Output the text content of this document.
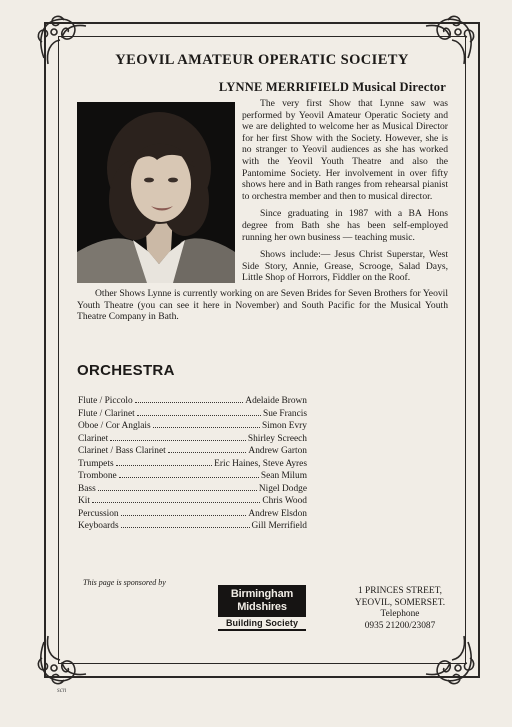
YEOVIL AMATEUR OPERATIC SOCIETY
LYNNE MERRIFIELD Musical Director

The very first Show that Lynne saw was performed by Yeovil Amateur Operatic Society and we are delighted to welcome her as Musical Director for her first Show with the Society. However, she is no stranger to Yeovil audiences as she has worked with the Yeovil Youth Theatre and also the Pantomime Society. Her involvement in over fifty shows here and in Bath ranges from rehearsal pianist to orchestra member and then to musical director.

Since graduating in 1987 with a BA Hons degree from Bath she has been self-employed running her own business — teaching music.

Shows include:— Jesus Christ Superstar, West Side Story, Annie, Grease, Scrooge, Salad Days, Little Shop of Horrors, Fiddler on the Roof.

Other Shows Lynne is currently working on are Seven Brides for Seven Brothers for Yeovil Youth Theatre (you can see it here in November) and South Pacific for the Musical Youth Theatre Company in Bath.
ORCHESTRA
Flute / Piccolo	Adelaide Brown
Flute / Clarinet	Sue Francis
Oboe / Cor Anglais	Simon Evry
Clarinet	Shirley Screech
Clarinet / Bass Clarinet	Andrew Garton
Trumpets	Eric Haines, Steve Ayres
Trombone	Sean Milum
Bass	Nigel Dodge
Kit	Chris Wood
Percussion	Andrew Elsdon
Keyboards	Gill Merrifield
This page is sponsored by
Birmingham
Midshires
Building Society
1 PRINCES STREET,
YEOVIL, SOMERSET.
Telephone
0935 21200/23087
scn
